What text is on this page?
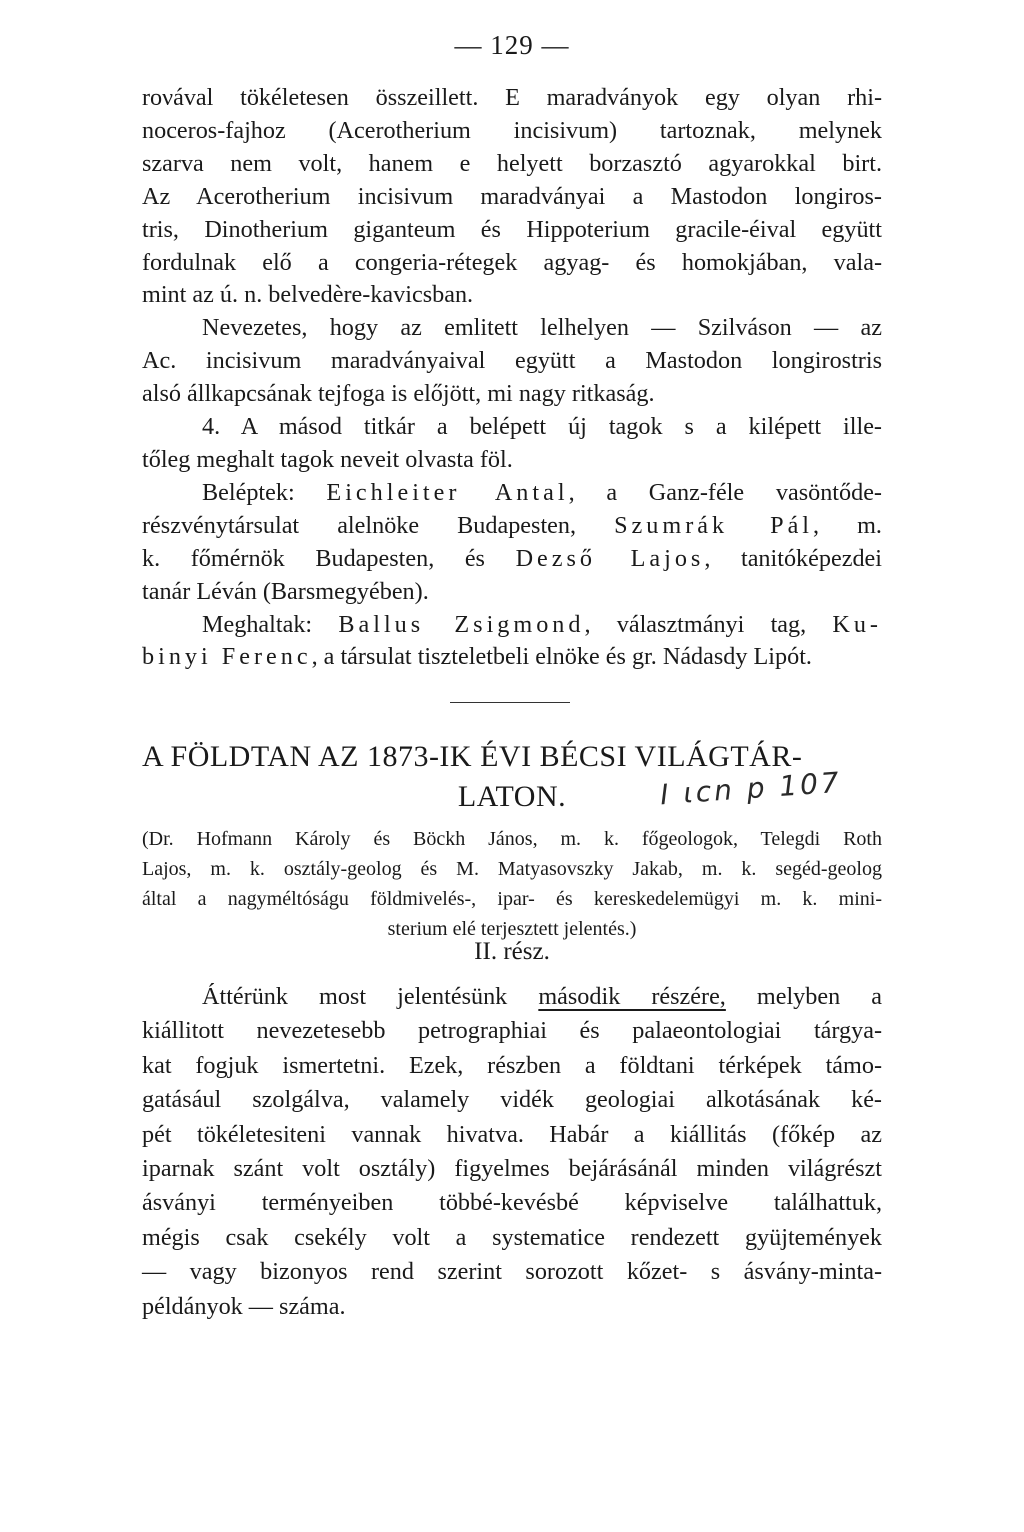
— 129 —
rονával tökéletesen összeillett. E maradványok egy olyan rhi-
noceros-fajhoz (Acerotherium incisivum) tartoznak, melynek
szarva nem volt, hanem e helyett borzasztó agyarokkal birt.
Az Acerotherium incisivum maradványai a Mastodon longiros-
tris, Dinotherium giganteum és Hippoterium gracile-éival együtt
fordulnak elő a congeria-rétegek agyag- és homokjában, vala-
mint az ú. n. belvedère-kavicsban.
Nevezetes, hogy az emlitett lelhelyen — Szilváson — az
Ac. incisivum maradványaival együtt a Mastodon longirostris
alsó állkapcsának tejfoga is előjött, mi nagy ritkaság.
4. A másod titkár a belépett új tagok s a kilépett ille-
tőleg meghalt tagok neveit olvasta föl.
Beléptek: Eichleiter Antal, a Ganz-féle vasöntőde-
részvénytársulat alelnöke Budapesten, Szumrák Pál, m.
k. főmérnök Budapesten, és Dezső Lajos, tanitóképezdei
tanár Léván (Barsmegyében).
Meghaltak: Ballus Zsigmond, választmányi tag, Ku-
binyi Ferenc, a társulat tiszteletbeli elnöke és gr. Nádasdy Lipót.
A FÖLDTAN AZ 1873-IK ÉVI BÉCSI VILÁGTÁR-
LATON.	I ιcn p 107
(Dr. Hofmann Károly és Böckh János, m. k. főgeologok, Telegdi Roth
Lajos, m. k. osztály-geolog és M. Matyasovszky Jakab, m. k. segéd-geolog
által a nagyméltóságu földmivelés-, ipar- és kereskedelemügyi m. k. mini-
sterium elé terjesztett jelentés.)
II. rész.
Áttérünk most jelentésünk második részére, melyben a
kiállitott nevezetesebb petrographiai és palaeontologiai tárgya-
kat fogjuk ismertetni. Ezek, részben a földtani térképek támo-
gatásául szolgálva, valamely vidék geologiai alkotásának ké-
pét tökéletesiteni vannak hivatva. Habár a kiállitás (főkép az
iparnak szánt volt osztály) figyelmes bejárásánál minden világrészt
ásványi terményeiben többé-kevésbé képviselve találhattuk,
mégis csak csekély volt a systematice rendezett gyüjtemények
— vagy bizonyos rend szerint sorozott kőzet- s ásvány-minta-
példányok — száma.
